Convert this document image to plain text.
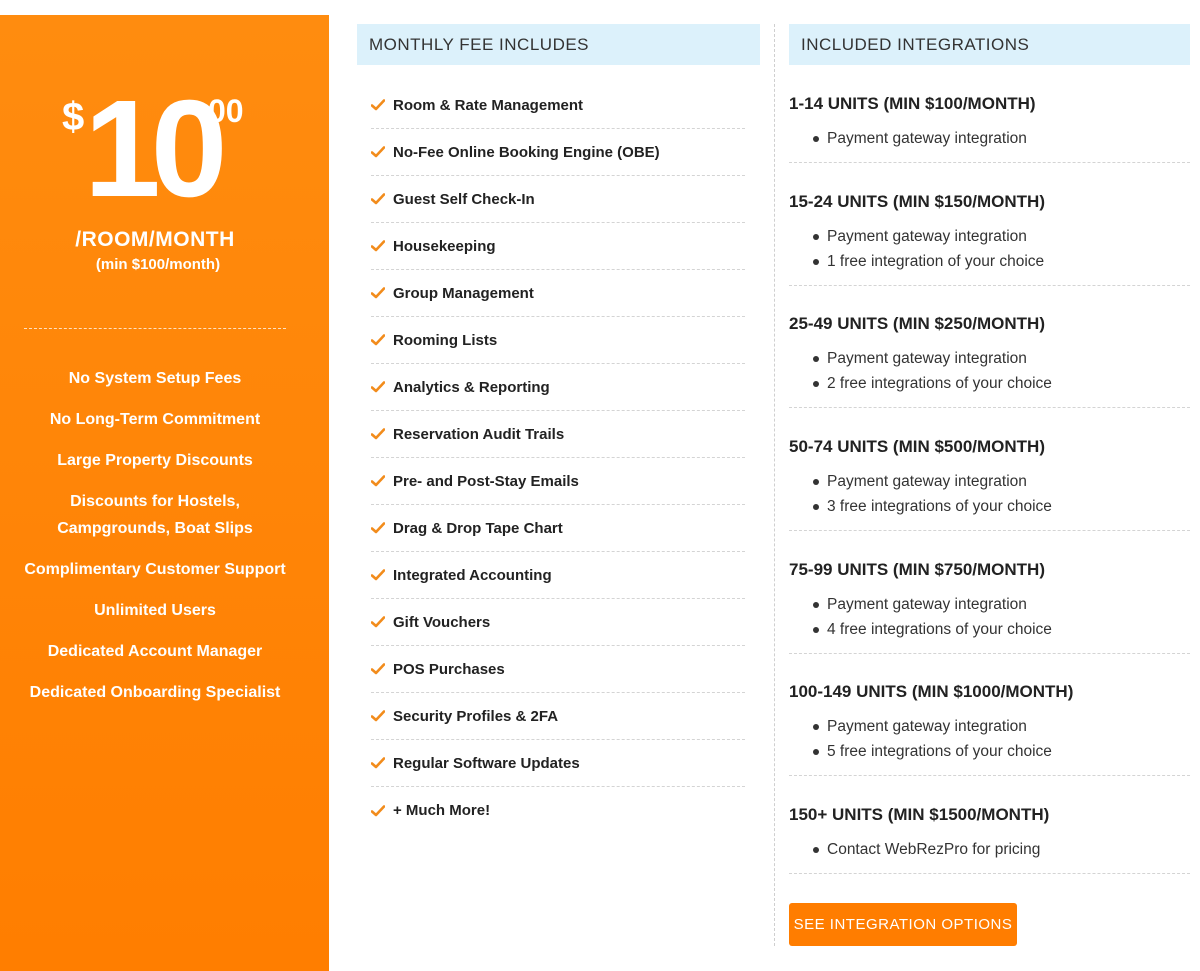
$ 10
00
/ROOM/MONTH
(min $100/month)
No System Setup Fees
No Long-Term Commitment
Large Property Discounts
Discounts for Hostels, Campgrounds, Boat Slips
Complimentary Customer Support
Unlimited Users
Dedicated Account Manager
Dedicated Onboarding Specialist
MONTHLY FEE INCLUDES
Room & Rate Management
No-Fee Online Booking Engine (OBE)
Guest Self Check-In
Housekeeping
Group Management
Rooming Lists
Analytics & Reporting
Reservation Audit Trails
Pre- and Post-Stay Emails
Drag & Drop Tape Chart
Integrated Accounting
Gift Vouchers
POS Purchases
Security Profiles & 2FA
Regular Software Updates
+ Much More!
INCLUDED INTEGRATIONS
1-14 UNITS (MIN $100/MONTH)
Payment gateway integration
15-24 UNITS (MIN $150/MONTH)
Payment gateway integration
1 free integration of your choice
25-49 UNITS (MIN $250/MONTH)
Payment gateway integration
2 free integrations of your choice
50-74 UNITS (MIN $500/MONTH)
Payment gateway integration
3 free integrations of your choice
75-99 UNITS (MIN $750/MONTH)
Payment gateway integration
4 free integrations of your choice
100-149 UNITS (MIN $1000/MONTH)
Payment gateway integration
5 free integrations of your choice
150+ UNITS (MIN $1500/MONTH)
Contact WebRezPro for pricing
SEE INTEGRATION OPTIONS
